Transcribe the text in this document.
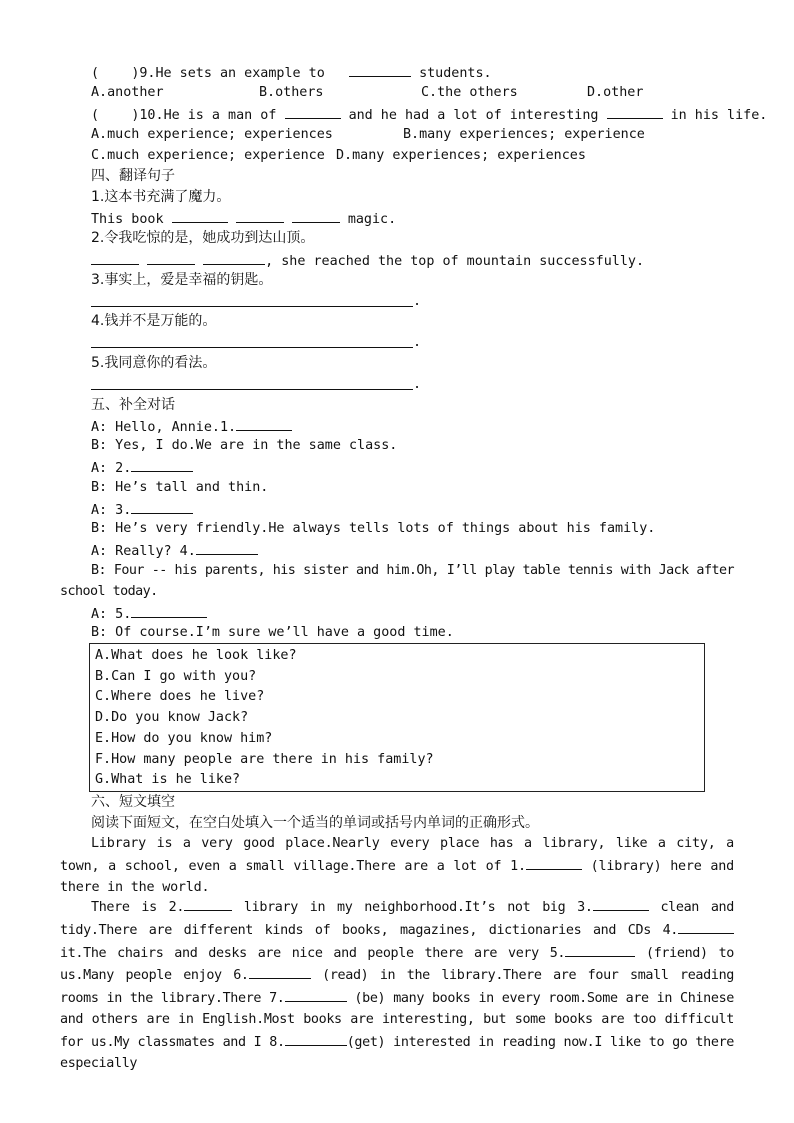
( )9.He sets an example to	students.

A.another

	B.others

	C.the others

	D.other

( )10.He is a man of	and he had a lot of interesting	in his life.

A.much experience; experiences

	B.many experiences; experience

C.much experience; experience

D.many experiences; experiences

四、翻译句子
1.这本书充满了魔力。
This book	magic.
2.令我吃惊的是，她成功到达山顶。
, she reached the top of mountain successfully.
3.事实上，爱是幸福的钥匙。
.
4.钱并不是万能的。
.
5.我同意你的看法。
.
五、补全对话
A: Hello, Annie.1.
B: Yes, I do.We are in the same class.
A: 2.
B: He’s tall and thin.
A: 3.
B: He’s very friendly.He always tells lots of things about his family.
A: Really? 4.
B: Four -- his parents, his sister and him.Oh, I’ll play table tennis with Jack after school today.
A: 5.
B: Of course.I’m sure we’ll have a good time.
A.What does he look like?
B.Can I go with you?
C.Where does he live?
D.Do you know Jack?
E.How do you know him?
F.How many people are there in his family?
G.What is he like?
六、短文填空
阅读下面短文，在空白处填入一个适当的单词或括号内单词的正确形式。
Library is a very good place.Nearly every place has a library, like a city, a town, a school, even a small village.There are a lot of 1.	(library) here and there in the world.
There is 2.	library in my neighborhood.It’s not big 3.	clean and tidy.There are different kinds of books, magazines, dictionaries and CDs 4. it.The chairs and desks are nice and people there are very 5.	(friend) to us.Many people enjoy 6.	(read) in the library.There are four small reading rooms in the library.There 7.	(be) many books in every room.Some are in Chinese and others are in English.Most books are interesting, but some books are too difficult for us.My classmates and I 8.	(get) interested in reading now.I like to go there especially
